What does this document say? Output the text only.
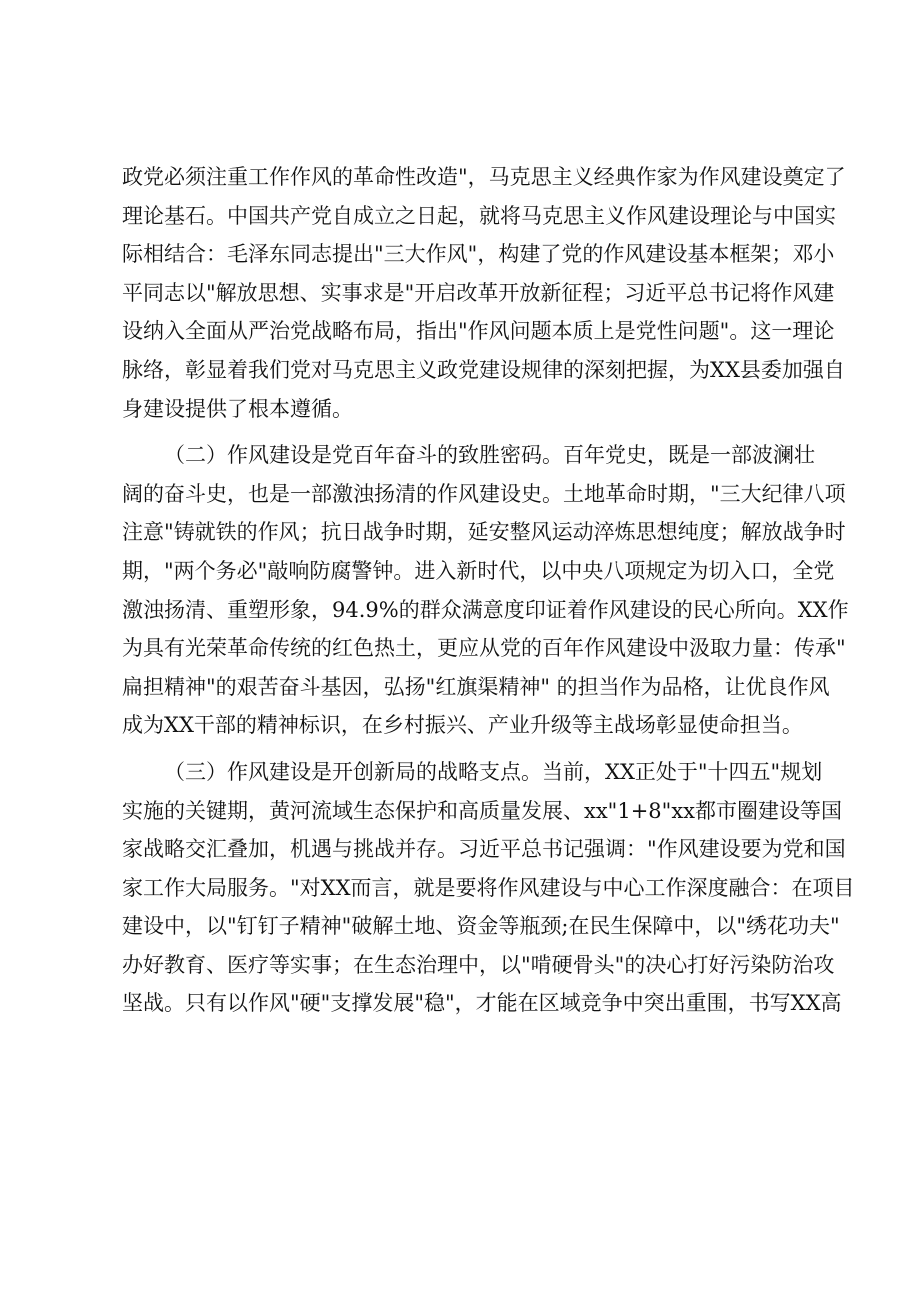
政党必须注重工作作风的革命性改造"，马克思主义经典作家为作风建设奠定了
理论基石。中国共产党自成立之日起，就将马克思主义作风建设理论与中国实
际相结合：毛泽东同志提出"三大作风"，构建了党的作风建设基本框架；邓小
平同志以"解放思想、实事求是"开启改革开放新征程；习近平总书记将作风建
设纳入全面从严治党战略布局，指出"作风问题本质上是党性问题"。这一理论
脉络，彰显着我们党对马克思主义政党建设规律的深刻把握，为XX县委加强自
身建设提供了根本遵循。
（二）作风建设是党百年奋斗的致胜密码。百年党史，既是一部波澜壮
阔的奋斗史，也是一部激浊扬清的作风建设史。土地革命时期，"三大纪律八项
注意"铸就铁的作风；抗日战争时期，延安整风运动淬炼思想纯度；解放战争时
期，"两个务必"敲响防腐警钟。进入新时代，以中央八项规定为切入口，全党
激浊扬清、重塑形象，94.9%的群众满意度印证着作风建设的民心所向。XX作
为具有光荣革命传统的红色热土，更应从党的百年作风建设中汲取力量：传承"
扁担精神"的艰苦奋斗基因，弘扬"红旗渠精神" 的担当作为品格，让优良作风
成为XX干部的精神标识，在乡村振兴、产业升级等主战场彰显使命担当。
（三）作风建设是开创新局的战略支点。当前，XX正处于"十四五"规划
实施的关键期，黄河流域生态保护和高质量发展、xx"1+8"xx都市圈建设等国
家战略交汇叠加，机遇与挑战并存。习近平总书记强调："作风建设要为党和国
家工作大局服务。"对XX而言，就是要将作风建设与中心工作深度融合：在项目
建设中，以"钉钉子精神"破解土地、资金等瓶颈;在民生保障中，以"绣花功夫"
办好教育、医疗等实事；在生态治理中，以"啃硬骨头"的决心打好污染防治攻
坚战。只有以作风"硬"支撑发展"稳"，才能在区域竞争中突出重围，书写XX高
